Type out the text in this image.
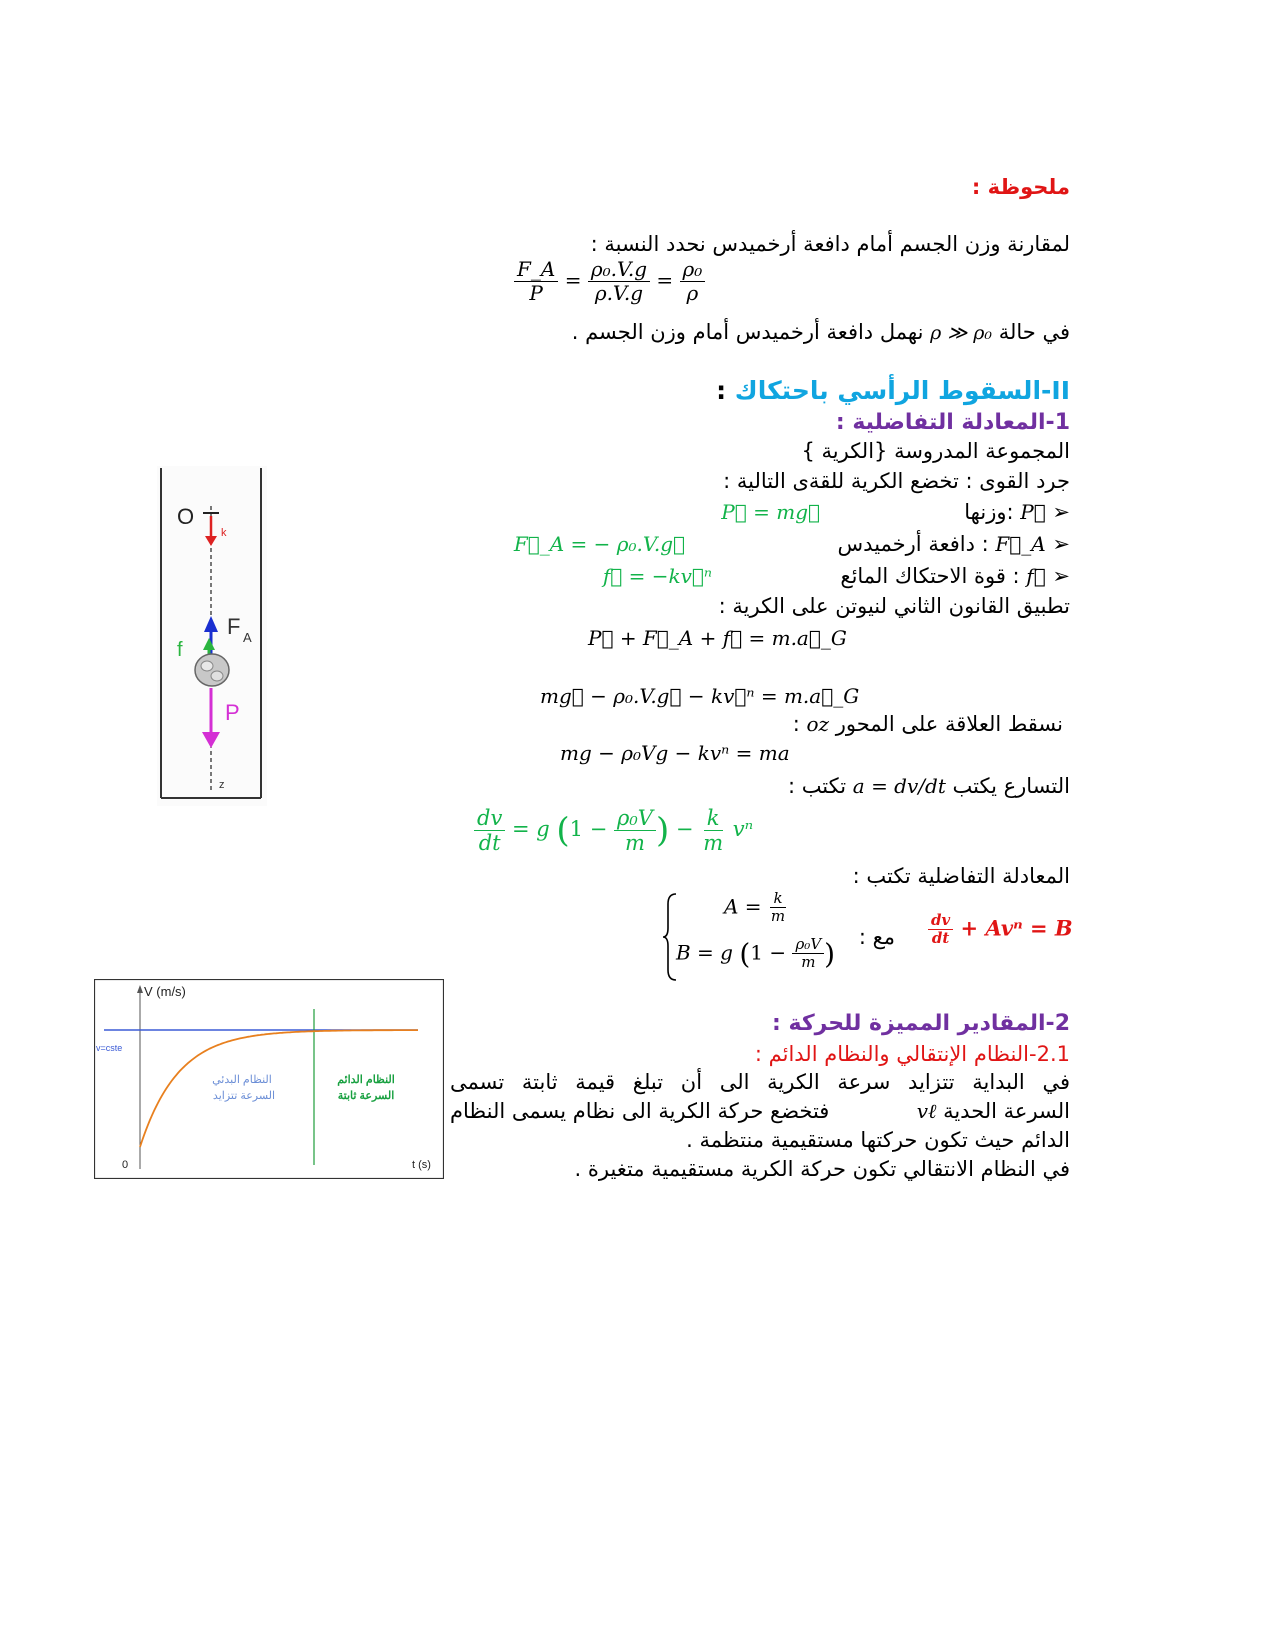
ملحوظة :
لمقارنة وزن الجسم أمام دافعة أرخميدس نحدد النسبة :
$\frac{F\_A}{P} = \frac{\text{ρ₀.V.g}}{\rho.V.g} = \frac{\text{ρ₀}}{\rho}$
في حالة ρ ≫ ρ₀ نهمل دافعة أرخميدس أمام وزن الجسم .
II-السقوط الرأسي باحتكاك :
1-المعادلة التفاضلية :
المجموعة المدروسة {الكرية }
جرد القوى : تخضع الكرية للقةى التالية :
➢ P⃗ :وزنها
P⃗ = mg⃗
➢ F⃗_A : دافعة أرخميدس
F⃗_A = − ρ₀.V.g⃗
➢ f⃗ : قوة الاحتكاك المائع
f⃗ = −kv⃗ⁿ
تطبيق القانون الثاني لنيوتن على الكرية :
P⃗ + F⃗_A + f⃗ = m.a⃗_G
mg⃗ − ρ₀.V.g⃗ − kv⃗ⁿ = m.a⃗_G
نسقط العلاقة على المحور oz :
mg − ρ₀Vg − kvⁿ = ma
التسارع يكتب a = dv/dt تكتب :
$\frac{dv}{dt} = g$ ($1 - \frac{\text{ρ₀V}}{m}$ ) − $\frac{k}{m}$ vⁿ
المعادلة التفاضلية تكتب :
$A = \frac{k}{m}$
B = g ($1 - \frac{\text{ρ₀V}}{m}$ )
مع : $\frac{dv}{dt} + Av^n = B$
2-المقادير المميزة للحركة :
2.1-النظام الإنتقالي والنظام الدائم :
في البداية تتزايد سرعة الكرية الى أن تبلغ قيمة ثابتة تسمى
السرعة الحدية vℓ
فتخضع حركة الكرية الى نظام يسمى النظام
الدائم حيث تكون حركتها مستقيمية منتظمة .
في النظام الانتقالي تكون حركة الكرية مستقيمية متغيرة .
O
k
F A
f
P
z
V (m/s)
0	t (s)
v=cste
النظام البدئي
السرعة تتزايد
النظام الدائم
السرعة ثابتة
